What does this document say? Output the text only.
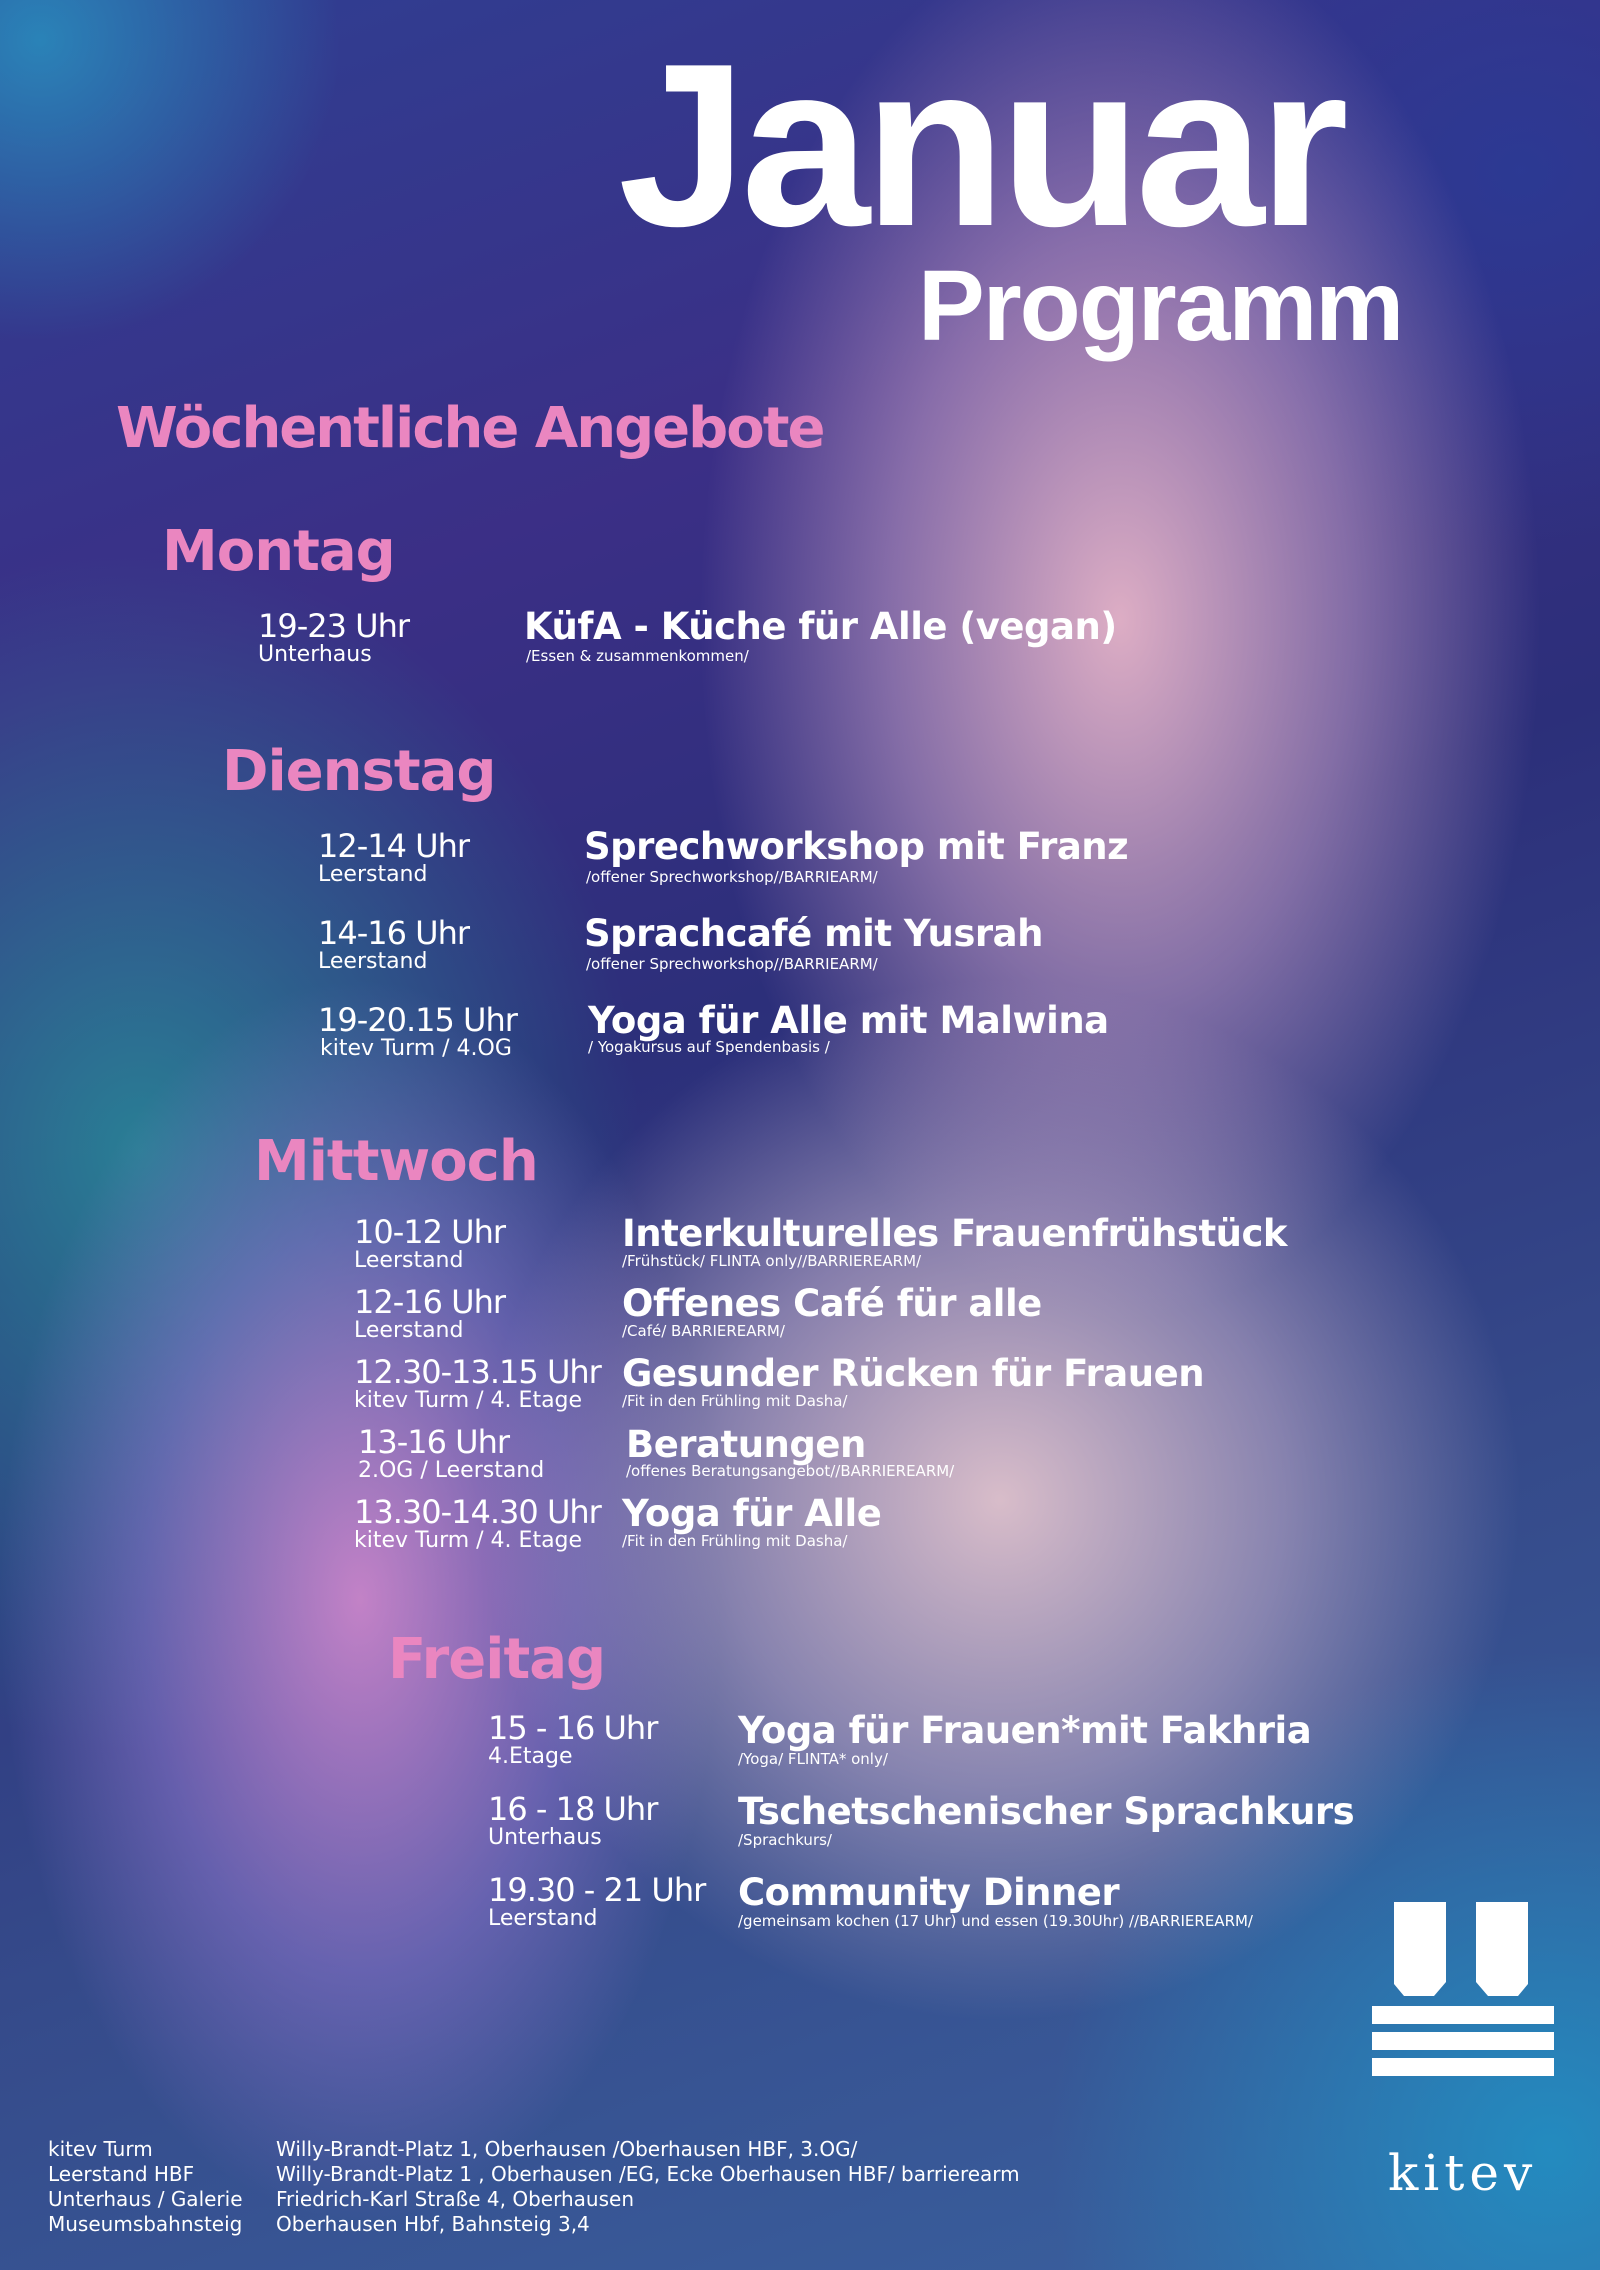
Januar
Programm
Wöchentliche Angebote
Montag
19-23 Uhr
Unterhaus
KüfA - Küche für Alle (vegan)
/Essen & zusammenkommen/
Dienstag
12-14 Uhr
Leerstand
Sprechworkshop mit Franz
/offener Sprechworkshop//BARRIEARM/
14-16 Uhr
Leerstand
Sprachcafé mit Yusrah
/offener Sprechworkshop//BARRIEARM/
19-20.15 Uhr
kitev Turm / 4.OG
Yoga für Alle mit Malwina
/ Yogakursus auf Spendenbasis /
Mittwoch
10-12 Uhr
Leerstand
Interkulturelles Frauenfrühstück
/Frühstück/ FLINTA only//BARRIEREARM/
12-16 Uhr
Leerstand
Offenes Café für alle
/Café/ BARRIEREARM/
12.30-13.15 Uhr
kitev Turm / 4. Etage
Gesunder Rücken für Frauen
/Fit in den Frühling mit Dasha/
13-16 Uhr
2.OG / Leerstand
Beratungen
/offenes Beratungsangebot//BARRIEREARM/
13.30-14.30 Uhr
kitev Turm / 4. Etage
Yoga für Alle
/Fit in den Frühling mit Dasha/
Freitag
15 - 16 Uhr
4.Etage
Yoga für Frauen*mit Fakhria
/Yoga/ FLINTA* only/
16 - 18 Uhr
Unterhaus
Tschetschenischer Sprachkurs
/Sprachkurs/
19.30 - 21 Uhr
Leerstand
Community Dinner
/gemeinsam kochen (17 Uhr) und essen (19.30Uhr) //BARRIEREARM/
kitev
kitev Turm	Willy-Brandt-Platz 1, Oberhausen /Oberhausen HBF, 3.OG/
Leerstand HBF	Willy-Brandt-Platz 1 , Oberhausen /EG, Ecke Oberhausen HBF/ barrierearm
Unterhaus / Galerie Friedrich-Karl Straße 4, Oberhausen
Museumsbahnsteig Oberhausen Hbf, Bahnsteig 3,4
